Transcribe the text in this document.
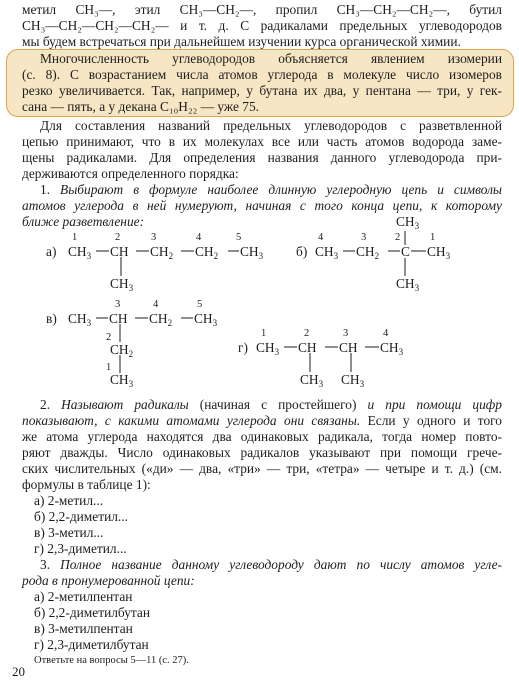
метил CH₃—, этил CH₃—CH₂—, пропил CH₃—CH₂—CH₂—, бутил
CH₃—CH₂—CH₂—CH₂— и т. д. С радикалами предельных углеводородов
мы будем встречаться при дальнейшем изучении курса органической химии.
Многочисленность углеводородов объясняется явлением изомерии
(с. 8). С возрастанием числа атомов углерода в молекуле число изомеров
резко увеличивается. Так, например, у бутана их два, у пентана — три, у гек-
сана — пять, а у декана C₁₀H₂₂ — уже 75.
Для составления названий предельных углеводородов с разветвленной
цепью принимают, что в их молекулах все или часть атомов водорода заме-
щены радикалами. Для определения названия данного углеводорода при-
держиваются определенного порядка:
1. Выбирают в формуле наиболее длинную углеродную цепь и символы
атомов углерода в ней нумеруют, начиная с того конца цепи, к которому
ближе разветвление:
а)
1	2	3	4	5
$CH_3$ CH $CH_2$ $CH_2$ $CH_3$
$CH_3$
б)
4	3	2	1
$CH_3$ $CH_2$ C $CH_3$
$CH_3$
$CH_3$
в)
3	4	5
2
1
$CH_3$ CH $CH_2$ $CH_3$
$CH_2$
$CH_3$
г)
1	2	3	4
$CH_3$ CH CH $CH_3$
$CH_3$ $CH_3$
2. Называют радикалы (начиная с простейшего) и при помощи цифр
показывают, с какими атомами углерода они связаны. Если у одного и того
же атома углерода находятся два одинаковых радикала, тогда номер повто-
ряют дважды. Число одинаковых радикалов указывают при помощи грече-
ских числительных («ди» — два, «три» — три, «тетра» — четыре и т. д.) (см.
формулы в таблице 1):
а) 2-метил...
б) 2,2-диметил...
в) 3-метил...
г) 2,3-диметил...
3. Полное название данному углеводороду дают по числу атомов угле-
рода в пронумерованной цепи:
а) 2-метилпентан
б) 2,2-диметилбутан
в) 3-метилпентан
г) 2,3-диметилбутан
Ответьте на вопросы 5—11 (с. 27).
20
